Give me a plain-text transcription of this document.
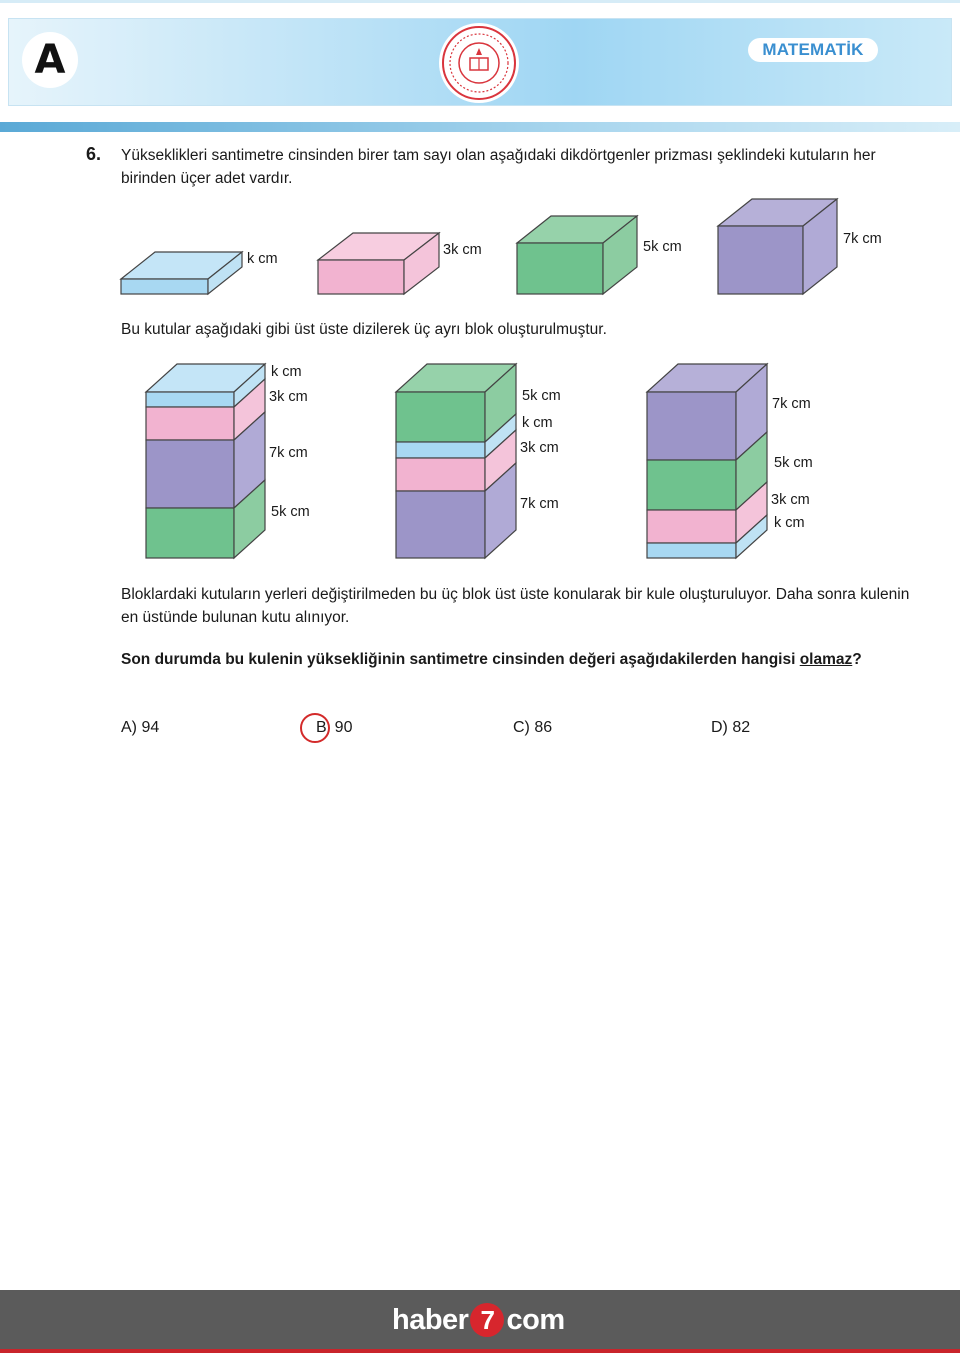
A	MATEMATİK
6. Yükseklikleri santimetre cinsinden birer tam sayı olan aşağıdaki dikdörtgenler prizması şeklindeki kutuların her birinden üçer adet vardır.
k cm
3k cm	5k cm	7k cm
Bu kutular aşağıdaki gibi üst üste dizilerek üç ayrı blok oluşturulmuştur.
k cm
3k cm
7k cm
5k cm
5k cm
k cm
3k cm
7k cm
7k cm
5k cm
3k cm
k cm
Bloklardaki kutuların yerleri değiştirilmeden bu üç blok üst üste konularak bir kule oluşturuluyor. Daha sonra kulenin en üstünde bulunan kutu alınıyor.
Son durumda bu kulenin yüksekliğinin santimetre cinsinden değeri aşağıdakilerden hangisi olamaz?
A) 94	B 90	C) 86	D) 82
haber 7 com
